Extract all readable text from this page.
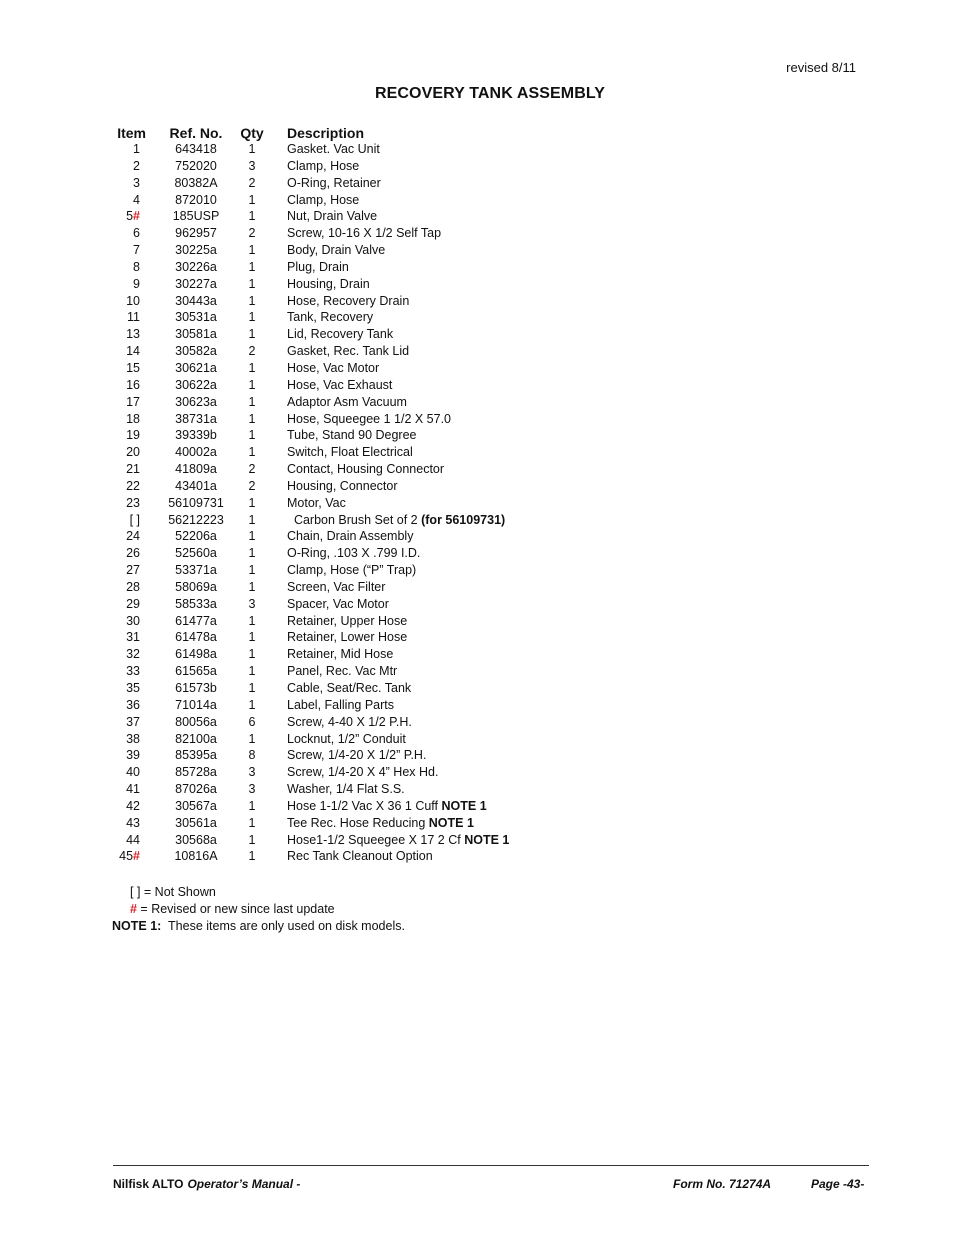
revised 8/11
RECOVERY TANK ASSEMBLY
Item	Ref. No.	Qty	Description
1	643418	1	Gasket. Vac Unit
2	752020	3	Clamp, Hose
3	80382A	2	O-Ring, Retainer
4	872010	1	Clamp, Hose
5#	185USP	1	Nut, Drain Valve
6	962957	2	Screw, 10-16 X 1/2 Self Tap
7	30225a	1	Body, Drain Valve
8	30226a	1	Plug, Drain
9	30227a	1	Housing, Drain
10	30443a	1	Hose, Recovery Drain
11	30531a	1	Tank, Recovery
13	30581a	1	Lid, Recovery Tank
14	30582a	2	Gasket, Rec. Tank Lid
15	30621a	1	Hose, Vac Motor
16	30622a	1	Hose, Vac Exhaust
17	30623a	1	Adaptor Asm Vacuum
18	38731a	1	Hose, Squeegee 1 1/2 X 57.0
19	39339b	1	Tube, Stand 90 Degree
20	40002a	1	Switch, Float Electrical
21	41809a	2	Contact, Housing Connector
22	43401a	2	Housing, Connector
23	56109731	1	Motor, Vac
[ ]	56212223	1	Carbon Brush Set of 2 (for 56109731)
24	52206a	1	Chain, Drain Assembly
26	52560a	1	O-Ring, .103 X .799 I.D.
27	53371a	1	Clamp, Hose (“P” Trap)
28	58069a	1	Screen, Vac Filter
29	58533a	3	Spacer, Vac Motor
30	61477a	1	Retainer, Upper Hose
31	61478a	1	Retainer, Lower Hose
32	61498a	1	Retainer, Mid Hose
33	61565a	1	Panel, Rec. Vac Mtr
35	61573b	1	Cable, Seat/Rec. Tank
36	71014a	1	Label, Falling Parts
37	80056a	6	Screw, 4-40 X 1/2 P.H.
38	82100a	1	Locknut, 1/2” Conduit
39	85395a	8	Screw, 1/4-20 X 1/2” P.H.
40	85728a	3	Screw, 1/4-20 X 4” Hex Hd.
41	87026a	3	Washer, 1/4 Flat S.S.
42	30567a	1	Hose 1-1/2 Vac X 36 1 Cuff NOTE 1
43	30561a	1	Tee Rec. Hose Reducing NOTE 1
44	30568a	1	Hose1-1/2 Squeegee X 17 2 Cf NOTE 1
45#	10816A	1	Rec Tank Cleanout Option
[ ] = Not Shown
# = Revised or new since last update
NOTE 1:  These items are only used on disk models.
Nilfisk ALTO Operator’s Manual -	Form No. 71274A	Page -43-
